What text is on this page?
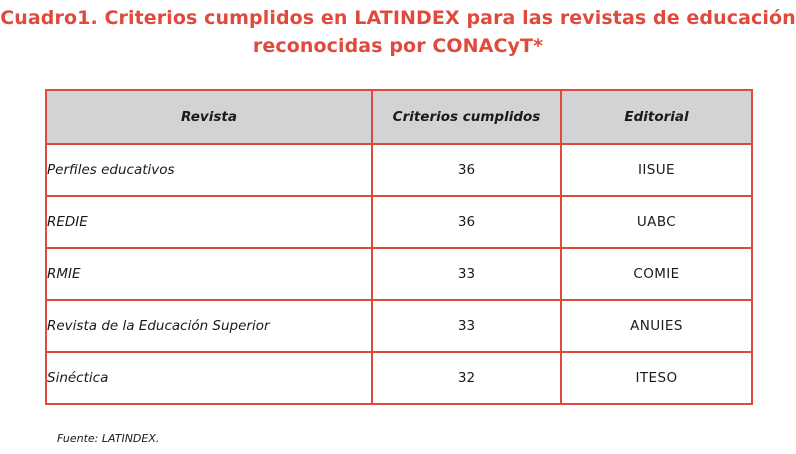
Cuadro1. Criterios cumplidos en LATINDEX para las revistas de educación
reconocidas por CONACyT*
Revista	Criterios cumplidos	Editorial
Perfiles educativos	36	IISUE
REDIE	36	UABC
RMIE	33	COMIE
Revista de la Educación Superior	33	ANUIES
Sinéctica	32	ITESO
Fuente: LATINDEX.
